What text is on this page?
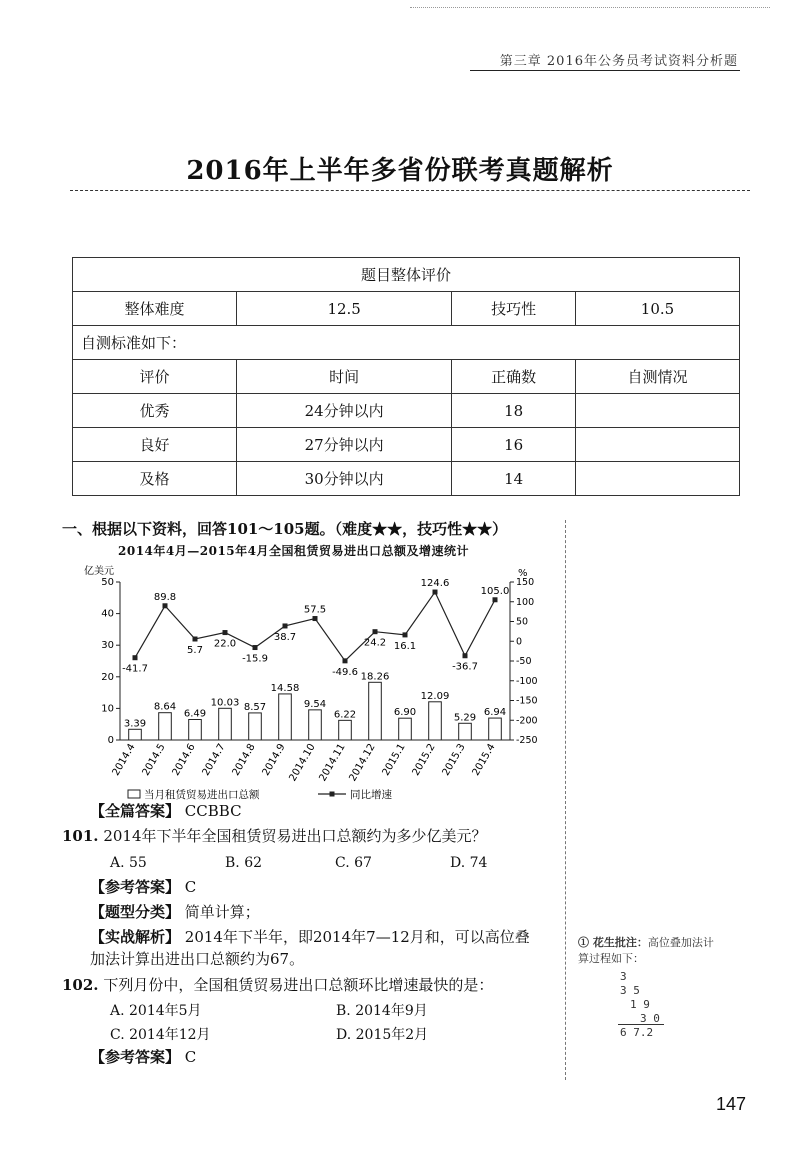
第三章 2016年公务员考试资料分析题
2016年上半年多省份联考真题解析
题目整体评价			
整体难度	12.5	技巧性	10.5
自测标准如下：			
评价	时间	正确数	自测情况
优秀	24分钟以内	18	
良好	27分钟以内	16	
及格	30分钟以内	14	
一、根据以下资料，回答101～105题。（难度★★，技巧性★★）
2014年4月—2015年4月全国租赁贸易进出口总额及增速统计
亿美元	%
0
10
20
30
40
50	150
100
50
0
-50
-100
-150
-200
-250
3.39
8.64
6.49
10.03 8.57
14.58
9.54
6.22
18.26
6.90
12.09
5.29 6.94
-41.7
89.8
5.7
22.0
-15.9
38.7
57.5
-49.6
24.2 16.1
124.6
-36.7
105.0
2014.4 2014.5 2014.6 2014.7 2014.8 2014.9 2014.10 2014.11 2014.12 2015.1 2015.2 2015.3 2015.4
当月租赁贸易进出口总额	同比增速
【全篇答案】 CCBBC
101. 2014年下半年全国租赁贸易进出口总额约为多少亿美元？
A. 55	B. 62	C. 67	D. 74
【参考答案】 C
【题型分类】 简单计算；
【实战解析】 2014年下半年，即2014年7—12月和，可以高位叠
加法计算出进出口总额约为67。
102. 下列月份中，全国租赁贸易进出口总额环比增速最快的是：
A. 2014年5月	B. 2014年9月
C. 2014年12月	D. 2015年2月
【参考答案】 C
① 花生批注：高位叠加法计
算过程如下：
3
3 5
1 9
3 0
6 7.2
147
